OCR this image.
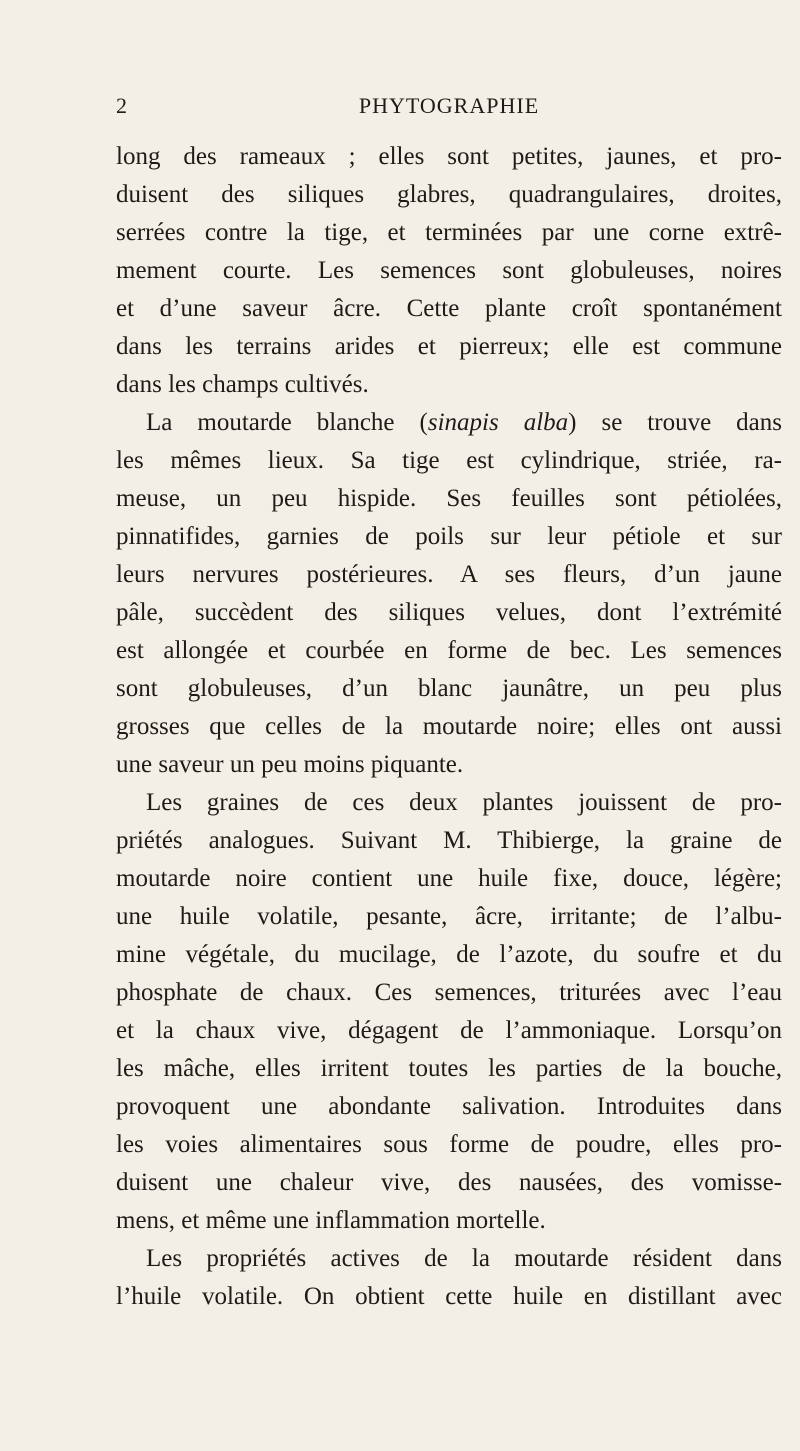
2	PHYTOGRAPHIE
long des rameaux ; elles sont petites, jaunes, et pro-
duisent des siliques glabres, quadrangulaires, droites,
serrées contre la tige, et terminées par une corne extrê-
mement courte. Les semences sont globuleuses, noires
et d’une saveur âcre. Cette plante croît spontanément
dans les terrains arides et pierreux; elle est commune
dans les champs cultivés.
La moutarde blanche (sinapis alba) se trouve dans
les mêmes lieux. Sa tige est cylindrique, striée, ra-
meuse, un peu hispide. Ses feuilles sont pétiolées,
pinnatifides, garnies de poils sur leur pétiole et sur
leurs nervures postérieures. A ses fleurs, d’un jaune
pâle, succèdent des siliques velues, dont l’extrémité
est allongée et courbée en forme de bec. Les semences
sont globuleuses, d’un blanc jaunâtre, un peu plus
grosses que celles de la moutarde noire; elles ont aussi
une saveur un peu moins piquante.
Les graines de ces deux plantes jouissent de pro-
priétés analogues. Suivant M. Thibierge, la graine de
moutarde noire contient une huile fixe, douce, légère;
une huile volatile, pesante, âcre, irritante; de l’albu-
mine végétale, du mucilage, de l’azote, du soufre et du
phosphate de chaux. Ces semences, triturées avec l’eau
et la chaux vive, dégagent de l’ammoniaque. Lorsqu’on
les mâche, elles irritent toutes les parties de la bouche,
provoquent une abondante salivation. Introduites dans
les voies alimentaires sous forme de poudre, elles pro-
duisent une chaleur vive, des nausées, des vomisse-
mens, et même une inflammation mortelle.
Les propriétés actives de la moutarde résident dans
l’huile volatile. On obtient cette huile en distillant avec
